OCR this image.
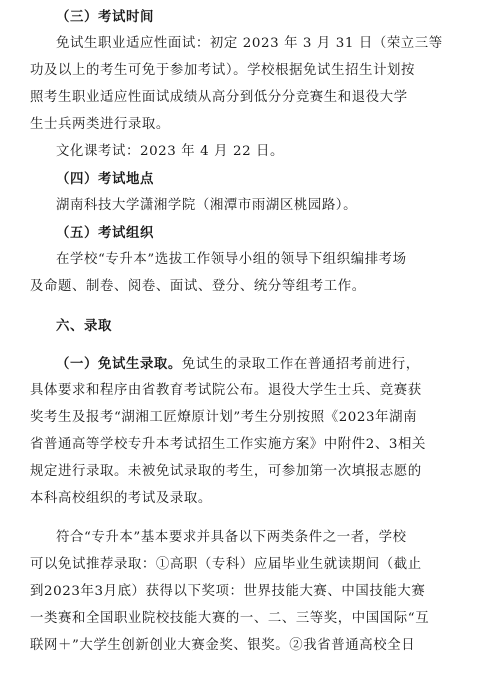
（三）考试时间
免试生职业适应性面试：初定 2023 年 3 月 31 日（荣立三等
功及以上的考生可免于参加考试）。学校根据免试生招生计划按
照考生职业适应性面试成绩从高分到低分分竞赛生和退役大学
生士兵两类进行录取。
文化课考试：2023 年 4 月 22 日。
（四）考试地点
湖南科技大学潇湘学院（湘潭市雨湖区桃园路）。
（五）考试组织
在学校“专升本”选拔工作领导小组的领导下组织编排考场
及命题、制卷、阅卷、面试、登分、统分等组考工作。
六、录取
（一）免试生录取。免试生的录取工作在普通招考前进行，
具体要求和程序由省教育考试院公布。退役大学生士兵、竞赛获
奖考生及报考“湖湘工匠燎原计划”考生分别按照《2023年湖南
省普通高等学校专升本考试招生工作实施方案》中附件2、3相关
规定进行录取。未被免试录取的考生，可参加第一次填报志愿的
本科高校组织的考试及录取。
符合“专升本”基本要求并具备以下两类条件之一者，学校
可以免试推荐录取：①高职（专科）应届毕业生就读期间（截止
到2023年3月底）获得以下奖项：世界技能大赛、中国技能大赛
一类赛和全国职业院校技能大赛的一、二、三等奖，中国国际“互
联网＋”大学生创新创业大赛金奖、银奖。②我省普通高校全日
